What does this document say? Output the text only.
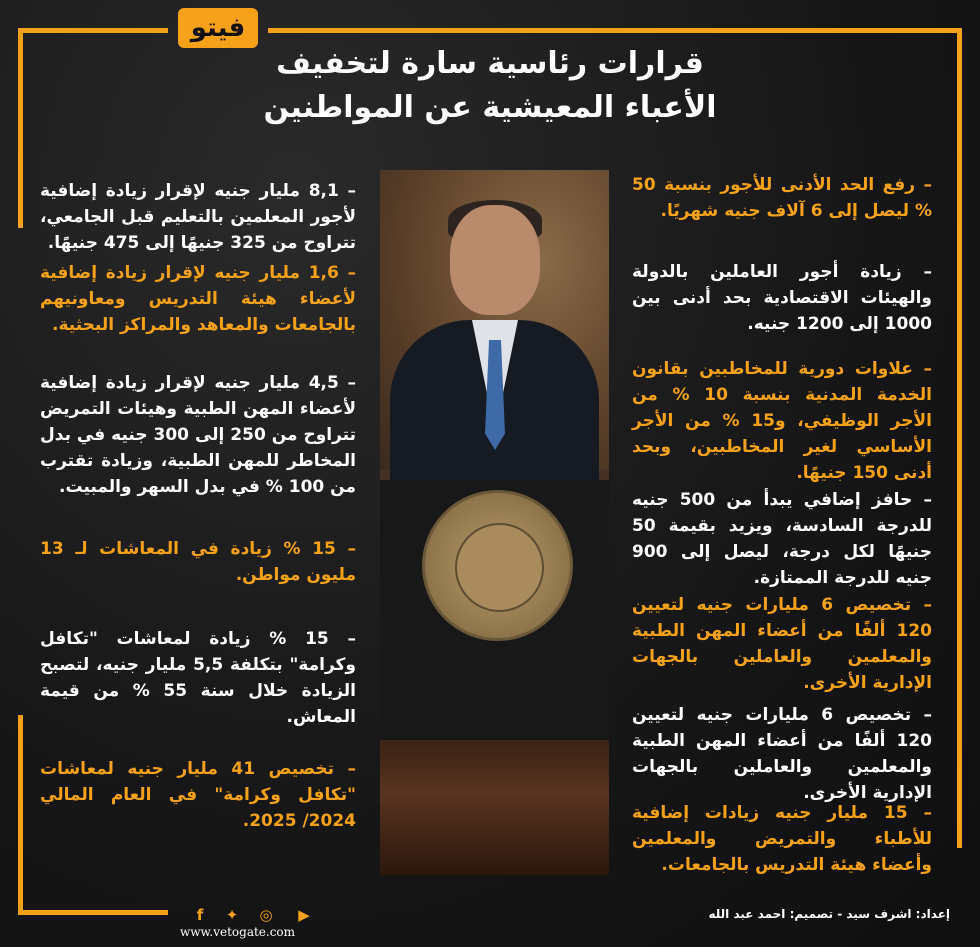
فيتو
قرارات رئاسية سارة لتخفيف
الأعباء المعيشية عن المواطنين
– رفع الحد الأدنى للأجور بنسبة 50 % ليصل إلى 6 آلاف جنيه شهريًا.
– زيادة أجور العاملين بالدولة والهيئات الاقتصادية بحد أدنى بين 1000 إلى 1200 جنيه.
– علاوات دورية للمخاطبين بقانون الخدمة المدنية بنسبة 10 % من الأجر الوظيفي، و15 % من الأجر الأساسي لغير المخاطبين، وبحد أدنى 150 جنيهًا.
– حافز إضافي يبدأ من 500 جنيه للدرجة السادسة، ويزيد بقيمة 50 جنيهًا لكل درجة، ليصل إلى 900 جنيه للدرجة الممتازة.
– تخصيص 6 مليارات جنيه لتعيين 120 ألفًا من أعضاء المهن الطبية والمعلمين والعاملين بالجهات الإدارية الأخرى.
– تخصيص 6 مليارات جنيه لتعيين 120 ألفًا من أعضاء المهن الطبية والمعلمين والعاملين بالجهات الإدارية الأخرى.
– 15 مليار جنيه زيادات إضافية للأطباء والتمريض والمعلمين وأعضاء هيئة التدريس بالجامعات.
– 8,1 مليار جنيه لإقرار زيادة إضافية لأجور المعلمين بالتعليم قبل الجامعي، تتراوح من 325 جنيهًا إلى 475 جنيهًا.
– 1,6 مليار جنيه لإقرار زيادة إضافية لأعضاء هيئة التدريس ومعاونيهم بالجامعات والمعاهد والمراكز البحثية.
– 4,5 مليار جنيه لإقرار زيادة إضافية لأعضاء المهن الطبية وهيئات التمريض تتراوح من 250 إلى 300 جنيه في بدل المخاطر للمهن الطبية، وزيادة تقترب من 100 % في بدل السهر والمبيت.
– 15 % زيادة في المعاشات لـ 13 مليون مواطن.
– 15 % زيادة لمعاشات "تكافل وكرامة" بتكلفة 5,5 مليار جنيه، لتصبح الزيادة خلال سنة 55 % من قيمة المعاش.
– تخصيص 41 مليار جنيه لمعاشات "تكافل وكرامة" في العام المالي 2024/ 2025.
إعداد: اشرف سيد - تصميم: احمد عبد الله
www.vetogate.com
f	✦ ◎ ▶
